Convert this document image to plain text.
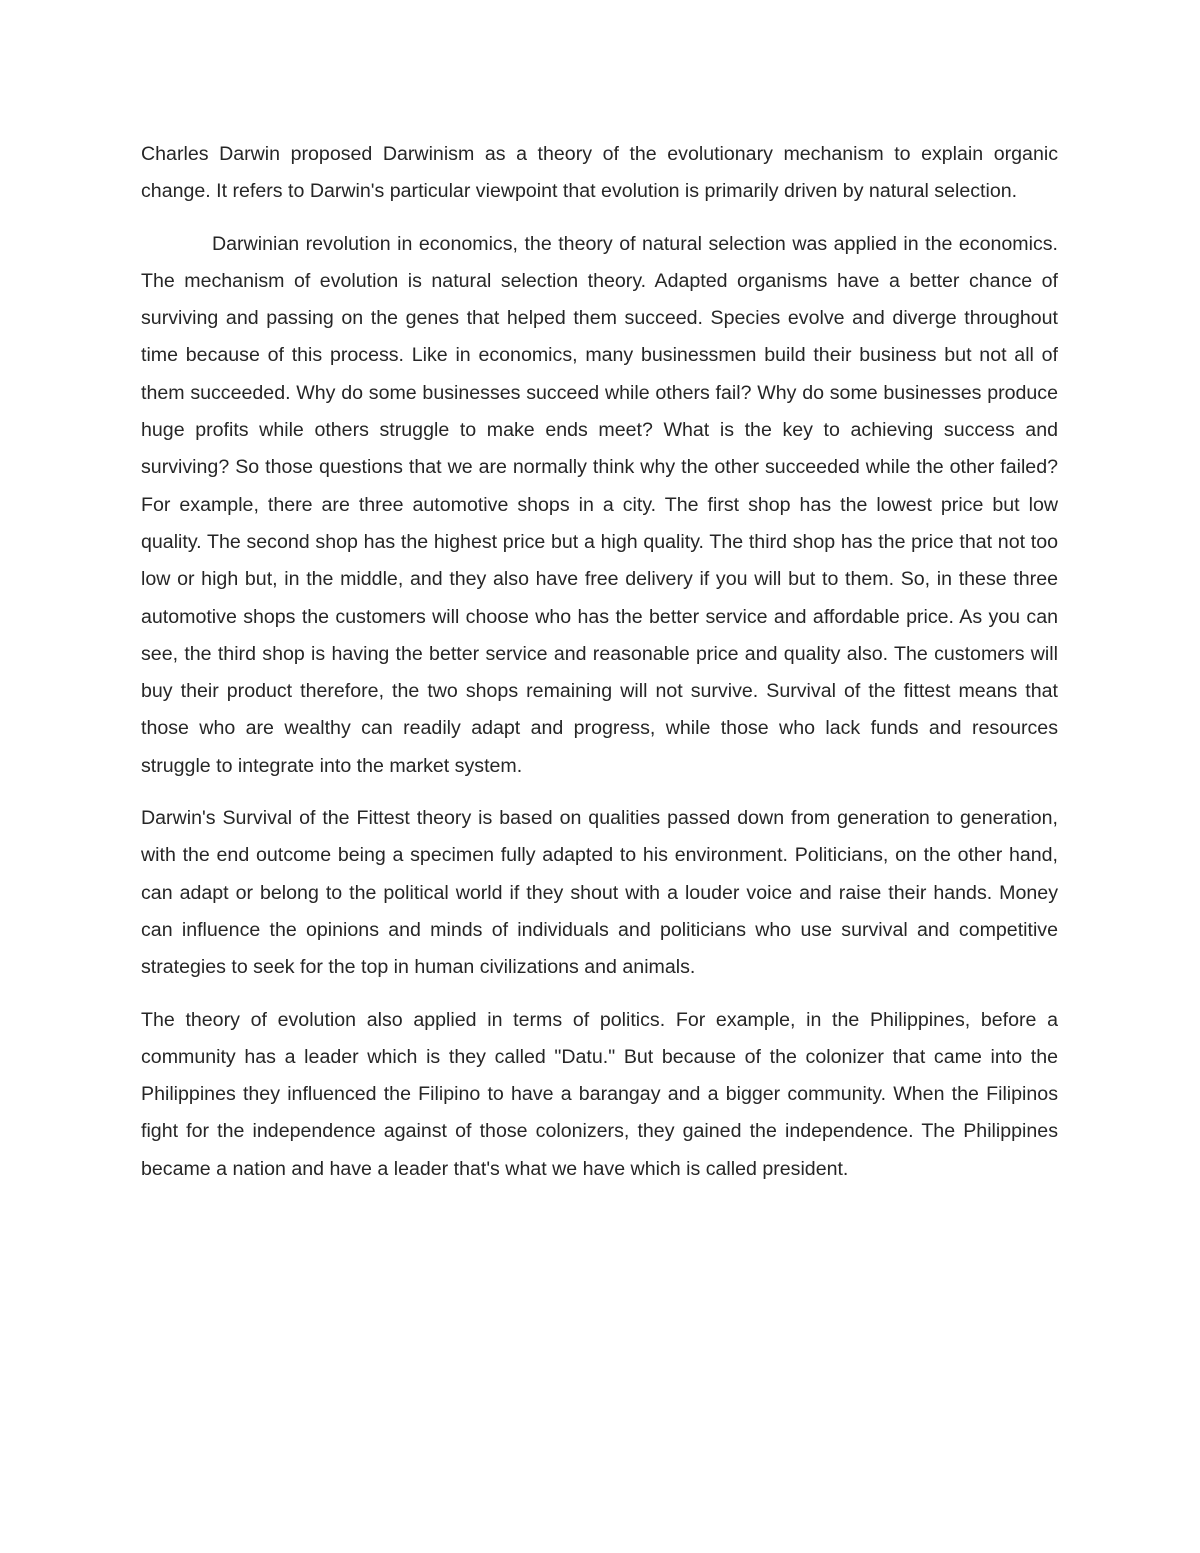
Charles Darwin proposed Darwinism as a theory of the evolutionary mechanism to explain organic change. It refers to Darwin's particular viewpoint that evolution is primarily driven by natural selection.

Darwinian revolution in economics, the theory of natural selection was applied in the economics. The mechanism of evolution is natural selection theory. Adapted organisms have a better chance of surviving and passing on the genes that helped them succeed. Species evolve and diverge throughout time because of this process. Like in economics, many businessmen build their business but not all of them succeeded. Why do some businesses succeed while others fail? Why do some businesses produce huge profits while others struggle to make ends meet? What is the key to achieving success and surviving? So those questions that we are normally think why the other succeeded while the other failed? For example, there are three automotive shops in a city. The first shop has the lowest price but low quality. The second shop has the highest price but a high quality. The third shop has the price that not too low or high but, in the middle, and they also have free delivery if you will but to them. So, in these three automotive shops the customers will choose who has the better service and affordable price. As you can see, the third shop is having the better service and reasonable price and quality also. The customers will buy their product therefore, the two shops remaining will not survive. Survival of the fittest means that those who are wealthy can readily adapt and progress, while those who lack funds and resources struggle to integrate into the market system.

Darwin's Survival of the Fittest theory is based on qualities passed down from generation to generation, with the end outcome being a specimen fully adapted to his environment. Politicians, on the other hand, can adapt or belong to the political world if they shout with a louder voice and raise their hands. Money can influence the opinions and minds of individuals and politicians who use survival and competitive strategies to seek for the top in human civilizations and animals.

The theory of evolution also applied in terms of politics. For example, in the Philippines, before a community has a leader which is they called "Datu." But because of the colonizer that came into the Philippines they influenced the Filipino to have a barangay and a bigger community. When the Filipinos fight for the independence against of those colonizers, they gained the independence. The Philippines became a nation and have a leader that's what we have which is called president.
